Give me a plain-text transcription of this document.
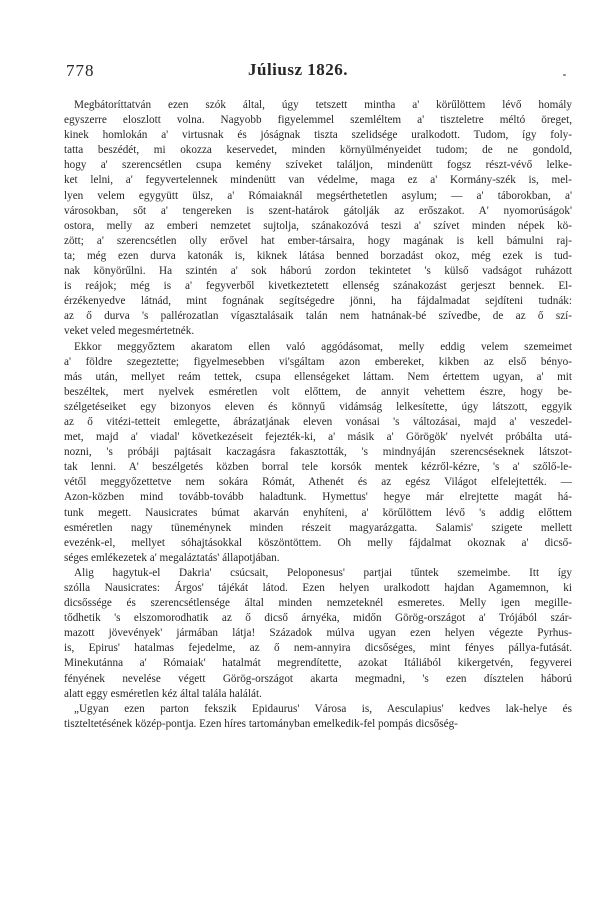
778	Júliusz 1826.
Megbátoríttatván ezen szók által, úgy tetszett mintha a' körűlöttem lévő homály
egyszerre eloszlott volna. Nagyobb figyelemmel szemléltem a' tiszteletre méltó öreget,
kinek homlokán a' virtusnak és jóságnak tiszta szelidsége uralkodott. Tudom, így foly-
tatta beszédét, mi okozza keservedet, minden környülményeidet tudom; de ne gondold,
hogy a' szerencsétlen csupa kemény szíveket találjon, mindenütt fogsz részt-vévő lelke-
ket lelni, a' fegyvertelennek mindenütt van védelme, maga ez a' Kormány-szék is, mel-
lyen velem egygyütt ülsz, a' Rómaiaknál megsérthetetlen asylum; — a' táborokban, a'
városokban, sőt a' tengereken is szent-határok gátolják az erőszakot. A' nyomorúságok'
ostora, melly az emberi nemzetet sujtolja, szánakozóvá teszi a' szívet minden népek kö-
zött; a' szerencsétlen olly erővel hat ember-társaira, hogy magának is kell bámulni raj-
ta; még ezen durva katonák is, kiknek látása benned borzadást okoz, még ezek is tud-
nak könyörűlni. Ha szintén a' sok háború zordon tekintetet 's külső vadságot ruházott
is reájok; még is a' fegyverből kivetkeztetett ellenség szánakozást gerjeszt bennek. El-
érzékenyedve látnád, mint fognának segítségedre jönni, ha fájdalmadat sejdíteni tudnák:
az ő durva 's pallérozatlan vígasztalásaik talán nem hatnának-bé szívedbe, de az ő szí-
veket veled megesmértetnék.
Ekkor meggyőztem akaratom ellen való aggódásomat, melly eddig velem szemeimet
a' földre szegeztette; figyelmesebben vi'sgáltam azon embereket, kikben az első bényo-
más után, mellyet reám tettek, csupa ellenségeket láttam. Nem értettem ugyan, a' mit
beszéltek, mert nyelvek esméretlen volt előttem, de annyit vehettem észre, hogy be-
szélgetéseiket egy bizonyos eleven és könnyű vidámság lelkesítette, úgy látszott, eggyik
az ő vitézi-tetteit emlegette, ábrázatjának eleven vonásai 's változásai, majd a' veszedel-
met, majd a' viadal' következéseit fejezték-ki, a' másik a' Görögök' nyelvét próbálta utá-
nozni, 's próbáji pajtásait kaczagásra fakasztották, 's mindnyáján szerencséseknek látszot-
tak lenni. A' beszélgetés közben borral tele korsók mentek kézről-kézre, 's a' szőlő-le-
vétől meggyőzettetve nem sokára Rómát, Athenét és az egész Világot elfelejtették. —
Azon-közben mind tovább-tovább haladtunk. Hymettus' hegye már elrejtette magát há-
tunk megett. Nausicrates búmat akarván enyhíteni, a' körűlöttem lévő 's addig előttem
esméretlen nagy tüneménynek minden részeit magyarázgatta. Salamis' szigete mellett
evezénk-el, mellyet sóhajtásokkal köszöntöttem. Oh melly fájdalmat okoznak a' dicső-
séges emlékezetek a' megaláztatás' állapotjában.
Alig hagytuk-el Dakria' csúcsait, Peloponesus' partjai tűntek szemeimbe. Itt így
szólla Nausicrates: Árgos' tájékát látod. Ezen helyen uralkodott hajdan Agamemnon, ki
dicsőssége és szerencsétlensége által minden nemzeteknél esmeretes. Melly igen megille-
tődhetik 's elszomorodhatik az ő dicső árnyéka, midőn Görög-országot a' Trójából szár-
mazott jövevények' jármában látja! Századok múlva ugyan ezen helyen végezte Pyrhus-
is, Epirus' hatalmas fejedelme, az ő nem-annyira dicsőséges, mint fényes pállya-futását.
Minekutánna a' Rómaiak' hatalmát megrendítette, azokat Itáliából kikergetvén, fegyverei
fényének nevelése végett Görög-országot akarta megmadni, 's ezen dísztelen háború
alatt eggy esméretlen kéz által talála halálát.
„Ugyan ezen parton fekszik Epidaurus' Városa is, Aesculapius' kedves lak-helye és
tiszteltetésének közép-pontja. Ezen híres tartományban emelkedik-fel pompás dicsőség-
